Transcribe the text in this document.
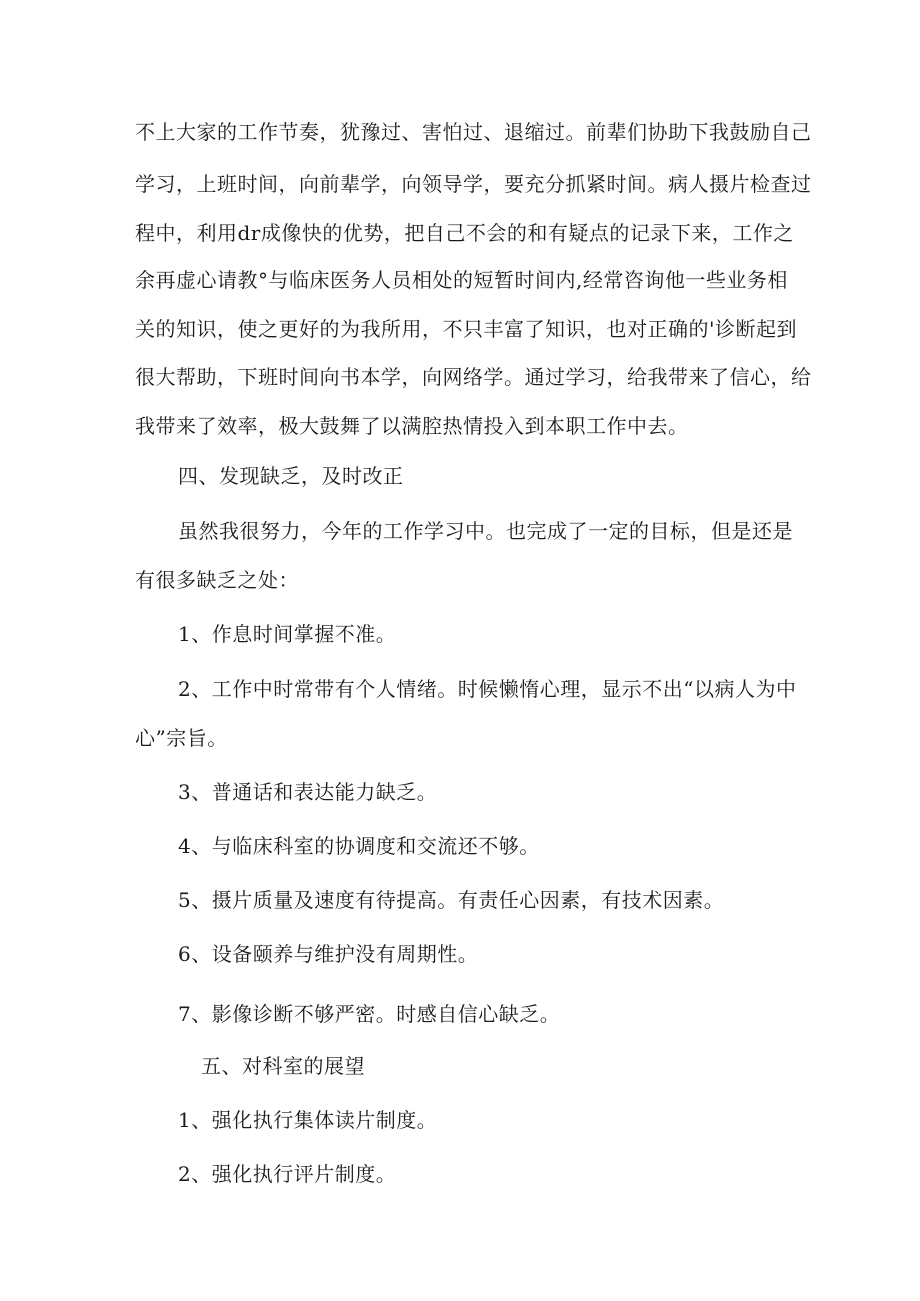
不上大家的工作节奏，犹豫过、害怕过、退缩过。前辈们协助下我鼓励自己
学习，上班时间，向前辈学，向领导学，要充分抓紧时间。病人摄片检查过
程中，利用dr成像快的优势，把自己不会的和有疑点的记录下来，工作之
余再虚心请教°与临床医务人员相处的短暂时间内,经常咨询他一些业务相
关的知识，使之更好的为我所用，不只丰富了知识，也对正确的'诊断起到
很大帮助，下班时间向书本学，向网络学。通过学习，给我带来了信心，给
我带来了效率，极大鼓舞了以满腔热情投入到本职工作中去。
四、发现缺乏，及时改正
虽然我很努力，今年的工作学习中。也完成了一定的目标，但是还是
有很多缺乏之处：
1、作息时间掌握不准。
2、工作中时常带有个人情绪。时候懒惰心理，显示不出“以病人为中
心”宗旨。
3、普通话和表达能力缺乏。
4、与临床科室的协调度和交流还不够。
5、摄片质量及速度有待提高。有责任心因素，有技术因素。
6、设备颐养与维护没有周期性。
7、影像诊断不够严密。时感自信心缺乏。
五、对科室的展望
1、强化执行集体读片制度。
2、强化执行评片制度。
